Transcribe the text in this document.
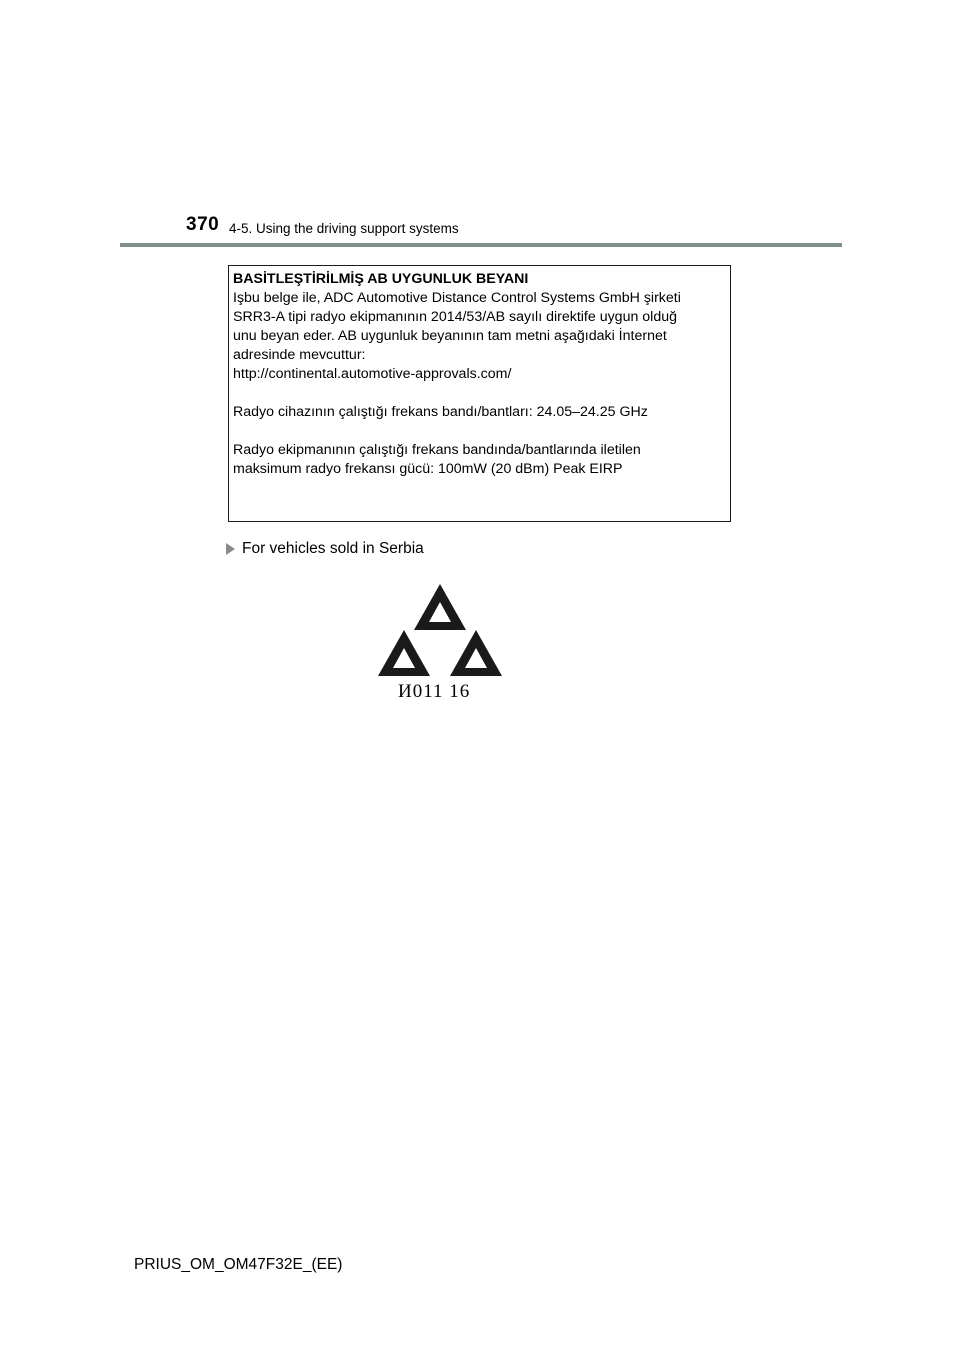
370 4-5. Using the driving support systems
BASİTLEŞTİRİLMİŞ AB UYGUNLUK BEYANI
Işbu belge ile, ADC Automotive Distance Control Systems GmbH şirketi
SRR3-A tipi radyo ekipmanının 2014/53/AB sayılı direktife uygun olduğ
unu beyan eder. AB uygunluk beyanının tam metni aşağıdaki İnternet
adresinde mevcuttur:
http://continental.automotive-approvals.com/
Radyo cihazının çalıştığı frekans bandı/bantları: 24.05–24.25 GHz
Radyo ekipmanının çalıştığı frekans bandında/bantlarında iletilen
maksimum radyo frekansı gücü: 100mW (20 dBm) Peak EIRP
For vehicles sold in Serbia
И011 16
PRIUS_OM_OM47F32E_(EE)
